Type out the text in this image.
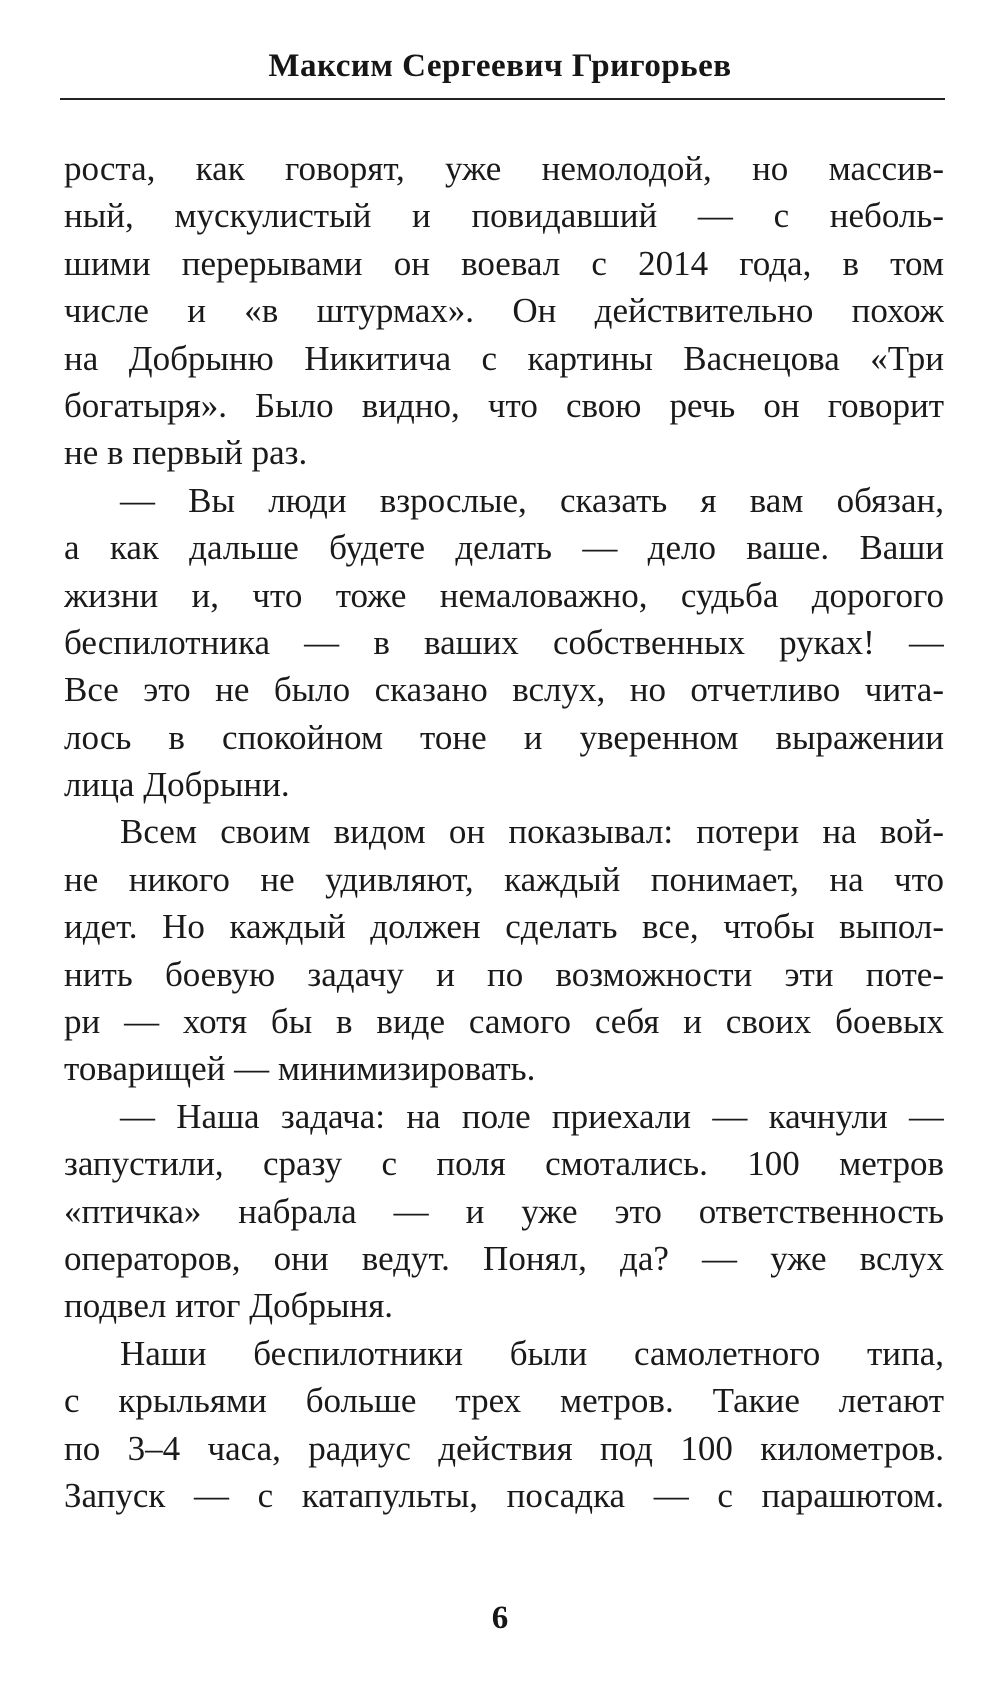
Максим Сергеевич Григорьев
роста, как говорят, уже немолодой, но массив-
ный, мускулистый и повидавший — с неболь-
шими перерывами он воевал с 2014 года, в том
числе и «в штурмах». Он действительно похож
на Добрыню Никитича с картины Васнецова «Три
богатыря». Было видно, что свою речь он говорит
не в первый раз.
— Вы люди взрослые, сказать я вам обязан,
а как дальше будете делать — дело ваше. Ваши
жизни и, что тоже немаловажно, судьба дорогого
беспилотника — в ваших собственных руках! —
Все это не было сказано вслух, но отчетливо чита-
лось в спокойном тоне и уверенном выражении
лица Добрыни.
Всем своим видом он показывал: потери на вой-
не никого не удивляют, каждый понимает, на что
идет. Но каждый должен сделать все, чтобы выпол-
нить боевую задачу и по возможности эти поте-
ри — хотя бы в виде самого себя и своих боевых
товарищей — минимизировать.
— Наша задача: на поле приехали — качнули —
запустили, сразу с поля смотались. 100 метров
«птичка» набрала — и уже это ответственность
операторов, они ведут. Понял, да? — уже вслух
подвел итог Добрыня.
Наши беспилотники были самолетного типа,
с крыльями больше трех метров. Такие летают
по 3–4 часа, радиус действия под 100 километров.
Запуск — с катапульты, посадка — с парашютом.
6
